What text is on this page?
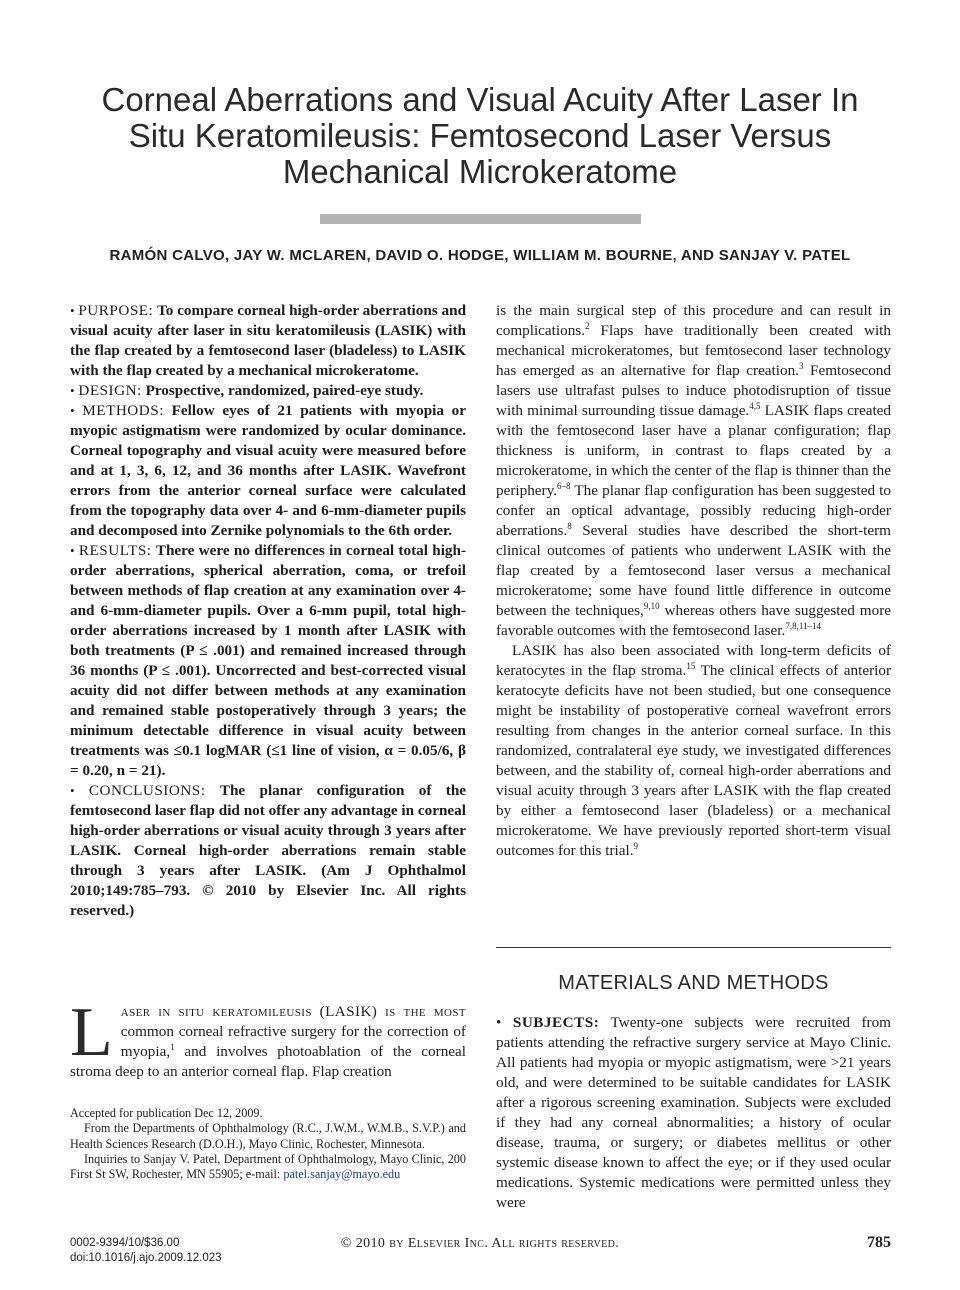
Corneal Aberrations and Visual Acuity After Laser In Situ Keratomileusis: Femtosecond Laser Versus Mechanical Microkeratome
RAMÓN CALVO, JAY W. MCLAREN, DAVID O. HODGE, WILLIAM M. BOURNE, AND SANJAY V. PATEL

• PURPOSE: To compare corneal high-order aberrations and visual acuity after laser in situ keratomileusis (LASIK) with the flap created by a femtosecond laser (bladeless) to LASIK with the flap created by a mechanical microkeratome.

• DESIGN: Prospective, randomized, paired-eye study.

• METHODS: Fellow eyes of 21 patients with myopia or myopic astigmatism were randomized by ocular dominance. Corneal topography and visual acuity were measured before and at 1, 3, 6, 12, and 36 months after LASIK. Wavefront errors from the anterior corneal surface were calculated from the topography data over 4- and 6-mm-diameter pupils and decomposed into Zernike polynomials to the 6th order.

• RESULTS: There were no differences in corneal total high-order aberrations, spherical aberration, coma, or trefoil between methods of flap creation at any examination over 4- and 6-mm-diameter pupils. Over a 6-mm pupil, total high-order aberrations increased by 1 month after LASIK with both treatments (P ≤ .001) and remained increased through 36 months (P ≤ .001). Uncorrected and best-corrected visual acuity did not differ between methods at any examination and remained stable postoperatively through 3 years; the minimum detectable difference in visual acuity between treatments was ≤0.1 logMAR (≤1 line of vision, α = 0.05/6, β = 0.20, n = 21).

• CONCLUSIONS: The planar configuration of the femtosecond laser flap did not offer any advantage in corneal high-order aberrations or visual acuity through 3 years after LASIK. Corneal high-order aberrations remain stable through 3 years after LASIK. (Am J Ophthalmol 2010;149:785–793. © 2010 by Elsevier Inc. All rights reserved.)

Laser in situ keratomileusis (LASIK) is the most common corneal refractive surgery for the correction of myopia,$^1$ and involves photoablation of the corneal stroma deep to an anterior corneal flap. Flap creation

Accepted for publication Dec 12, 2009.

From the Departments of Ophthalmology (R.C., J.W.M., W.M.B., S.V.P.) and Health Sciences Research (D.O.H.), Mayo Clinic, Rochester, Minnesota.

Inquiries to Sanjay V. Patel, Department of Ophthalmology, Mayo Clinic, 200 First St SW, Rochester, MN 55905; e-mail: patel.sanjay@mayo.edu

is the main surgical step of this procedure and can result in complications.$^2$ Flaps have traditionally been created with mechanical microkeratomes, but femtosecond laser technology has emerged as an alternative for flap creation.$^3$ Femtosecond lasers use ultrafast pulses to induce photodisruption of tissue with minimal surrounding tissue damage.$^{4,5}$ LASIK flaps created with the femtosecond laser have a planar configuration; flap thickness is uniform, in contrast to flaps created by a microkeratome, in which the center of the flap is thinner than the periphery.$^{6-8}$ The planar flap configuration has been suggested to confer an optical advantage, possibly reducing high-order aberrations.$^8$ Several studies have described the short-term clinical outcomes of patients who underwent LASIK with the flap created by a femtosecond laser versus a mechanical microkeratome; some have found little difference in outcome between the techniques,$^{9,10}$ whereas others have suggested more favorable outcomes with the femtosecond laser.$^{7,8,11-14}$

LASIK has also been associated with long-term deficits of keratocytes in the flap stroma.$^{15}$ The clinical effects of anterior keratocyte deficits have not been studied, but one consequence might be instability of postoperative corneal wavefront errors resulting from changes in the anterior corneal surface. In this randomized, contralateral eye study, we investigated differences between, and the stability of, corneal high-order aberrations and visual acuity through 3 years after LASIK with the flap created by either a femtosecond laser (bladeless) or a mechanical microkeratome. We have previously reported short-term visual outcomes for this trial.$^9$

MATERIALS AND METHODS

• SUBJECTS: Twenty-one subjects were recruited from patients attending the refractive surgery service at Mayo Clinic. All patients had myopia or myopic astigmatism, were >21 years old, and were determined to be suitable candidates for LASIK after a rigorous screening examination. Subjects were excluded if they had any corneal abnormalities; a history of ocular disease, trauma, or surgery; or diabetes mellitus or other systemic disease known to affect the eye; or if they used ocular medications. Systemic medications were permitted unless they were

0002-9394/10/$36.00
doi:10.1016/j.ajo.2009.12.023
© 2010 by Elsevier Inc. All rights reserved.	785
